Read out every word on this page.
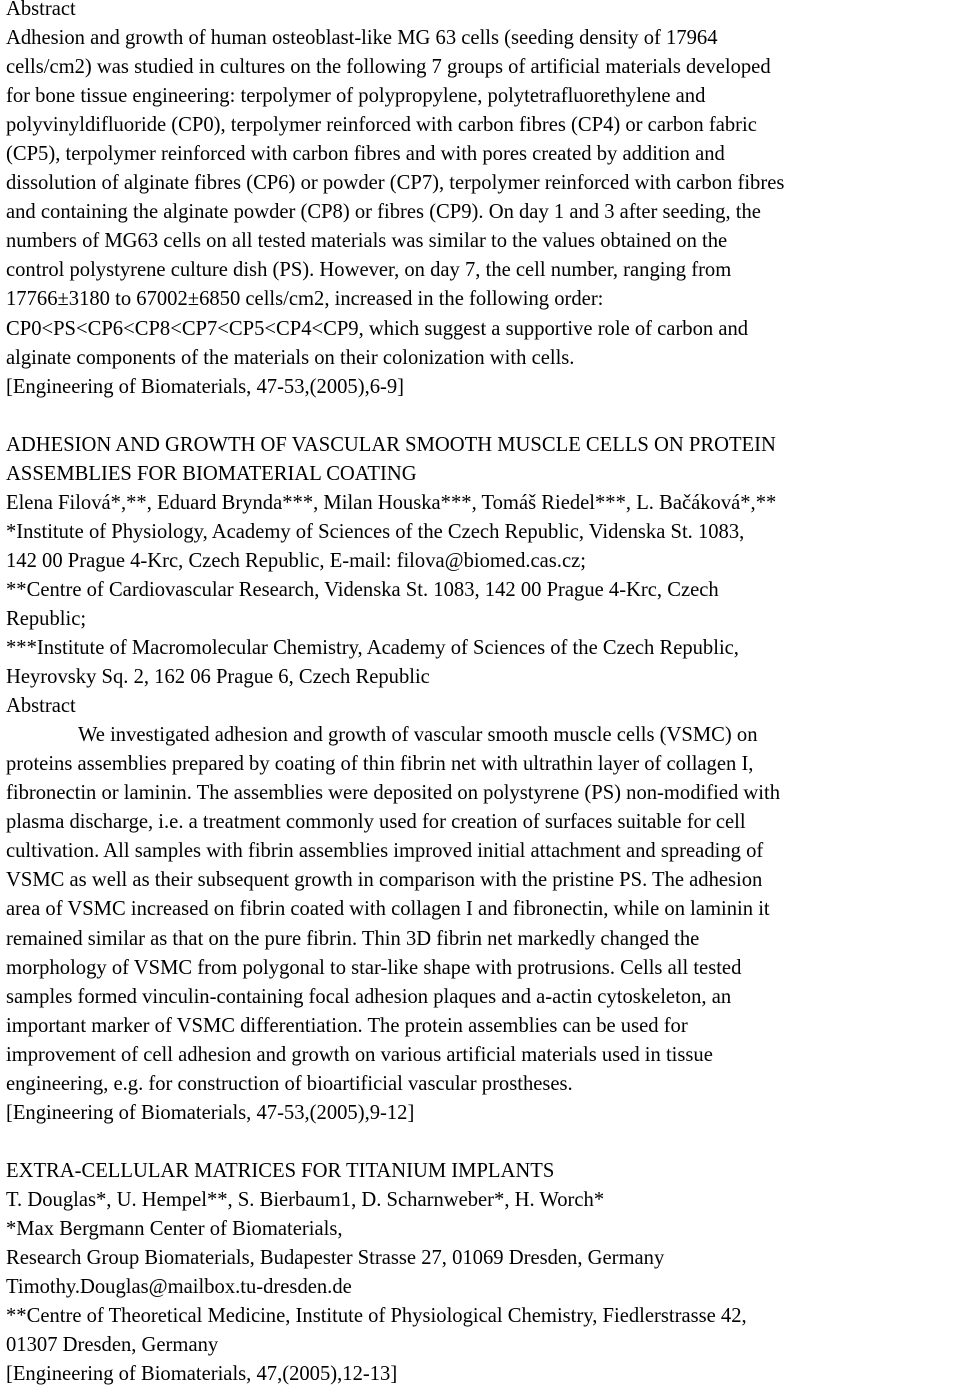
Abstract
Adhesion and growth of human osteoblast-like MG 63 cells (seeding density of 17964
cells/cm2) was studied in cultures on the following 7 groups of artificial materials developed
for bone tissue engineering: terpolymer of polypropylene, polytetrafluorethylene and
polyvinyldifluoride (CP0), terpolymer reinforced with carbon fibres (CP4) or carbon fabric
(CP5), terpolymer reinforced with carbon fibres and with pores created by addition and
dissolution of alginate fibres (CP6) or powder (CP7), terpolymer reinforced with carbon fibres
and containing the alginate powder (CP8) or fibres (CP9). On day 1 and 3 after seeding, the
numbers of MG63 cells on all tested materials was similar to the values obtained on the
control polystyrene culture dish (PS). However, on day 7, the cell number, ranging from
17766±3180 to 67002±6850 cells/cm2, increased in the following order:
CP0<PS<CP6<CP8<CP7<CP5<CP4<CP9, which suggest a supportive role of carbon and
alginate components of the materials on their colonization with cells.
[Engineering of Biomaterials, 47-53,(2005),6-9]
ADHESION AND GROWTH OF VASCULAR SMOOTH MUSCLE CELLS ON PROTEIN
ASSEMBLIES FOR BIOMATERIAL COATING
Elena Filová*,**, Eduard Brynda***, Milan Houska***, Tomáš Riedel***, L. Bačáková*,**
*Institute of Physiology, Academy of Sciences of the Czech Republic, Videnska St. 1083,
142 00 Prague 4-Krc, Czech Republic, E-mail: filova@biomed.cas.cz;
**Centre of Cardiovascular Research, Videnska St. 1083, 142 00 Prague 4-Krc, Czech
Republic;
***Institute of Macromolecular Chemistry, Academy of Sciences of the Czech Republic,
Heyrovsky Sq. 2, 162 06 Prague 6, Czech Republic
Abstract
We investigated adhesion and growth of vascular smooth muscle cells (VSMC) on
proteins assemblies prepared by coating of thin fibrin net with ultrathin layer of collagen I,
fibronectin or laminin. The assemblies were deposited on polystyrene (PS) non-modified with
plasma discharge, i.e. a treatment commonly used for creation of surfaces suitable for cell
cultivation. All samples with fibrin assemblies improved initial attachment and spreading of
VSMC as well as their subsequent growth in comparison with the pristine PS. The adhesion
area of VSMC increased on fibrin coated with collagen I and fibronectin, while on laminin it
remained similar as that on the pure fibrin. Thin 3D fibrin net markedly changed the
morphology of VSMC from polygonal to star-like shape with protrusions. Cells all tested
samples formed vinculin-containing focal adhesion plaques and a-actin cytoskeleton, an
important marker of VSMC differentiation. The protein assemblies can be used for
improvement of cell adhesion and growth on various artificial materials used in tissue
engineering, e.g. for construction of bioartificial vascular prostheses.
[Engineering of Biomaterials, 47-53,(2005),9-12]
EXTRA-CELLULAR MATRICES FOR TITANIUM IMPLANTS
T. Douglas*, U. Hempel**, S. Bierbaum1, D. Scharnweber*, H. Worch*
*Max Bergmann Center of Biomaterials,
Research Group Biomaterials, Budapester Strasse 27, 01069 Dresden, Germany
Timothy.Douglas@mailbox.tu-dresden.de
**Centre of Theoretical Medicine, Institute of Physiological Chemistry, Fiedlerstrasse 42,
01307 Dresden, Germany
[Engineering of Biomaterials, 47,(2005),12-13]
